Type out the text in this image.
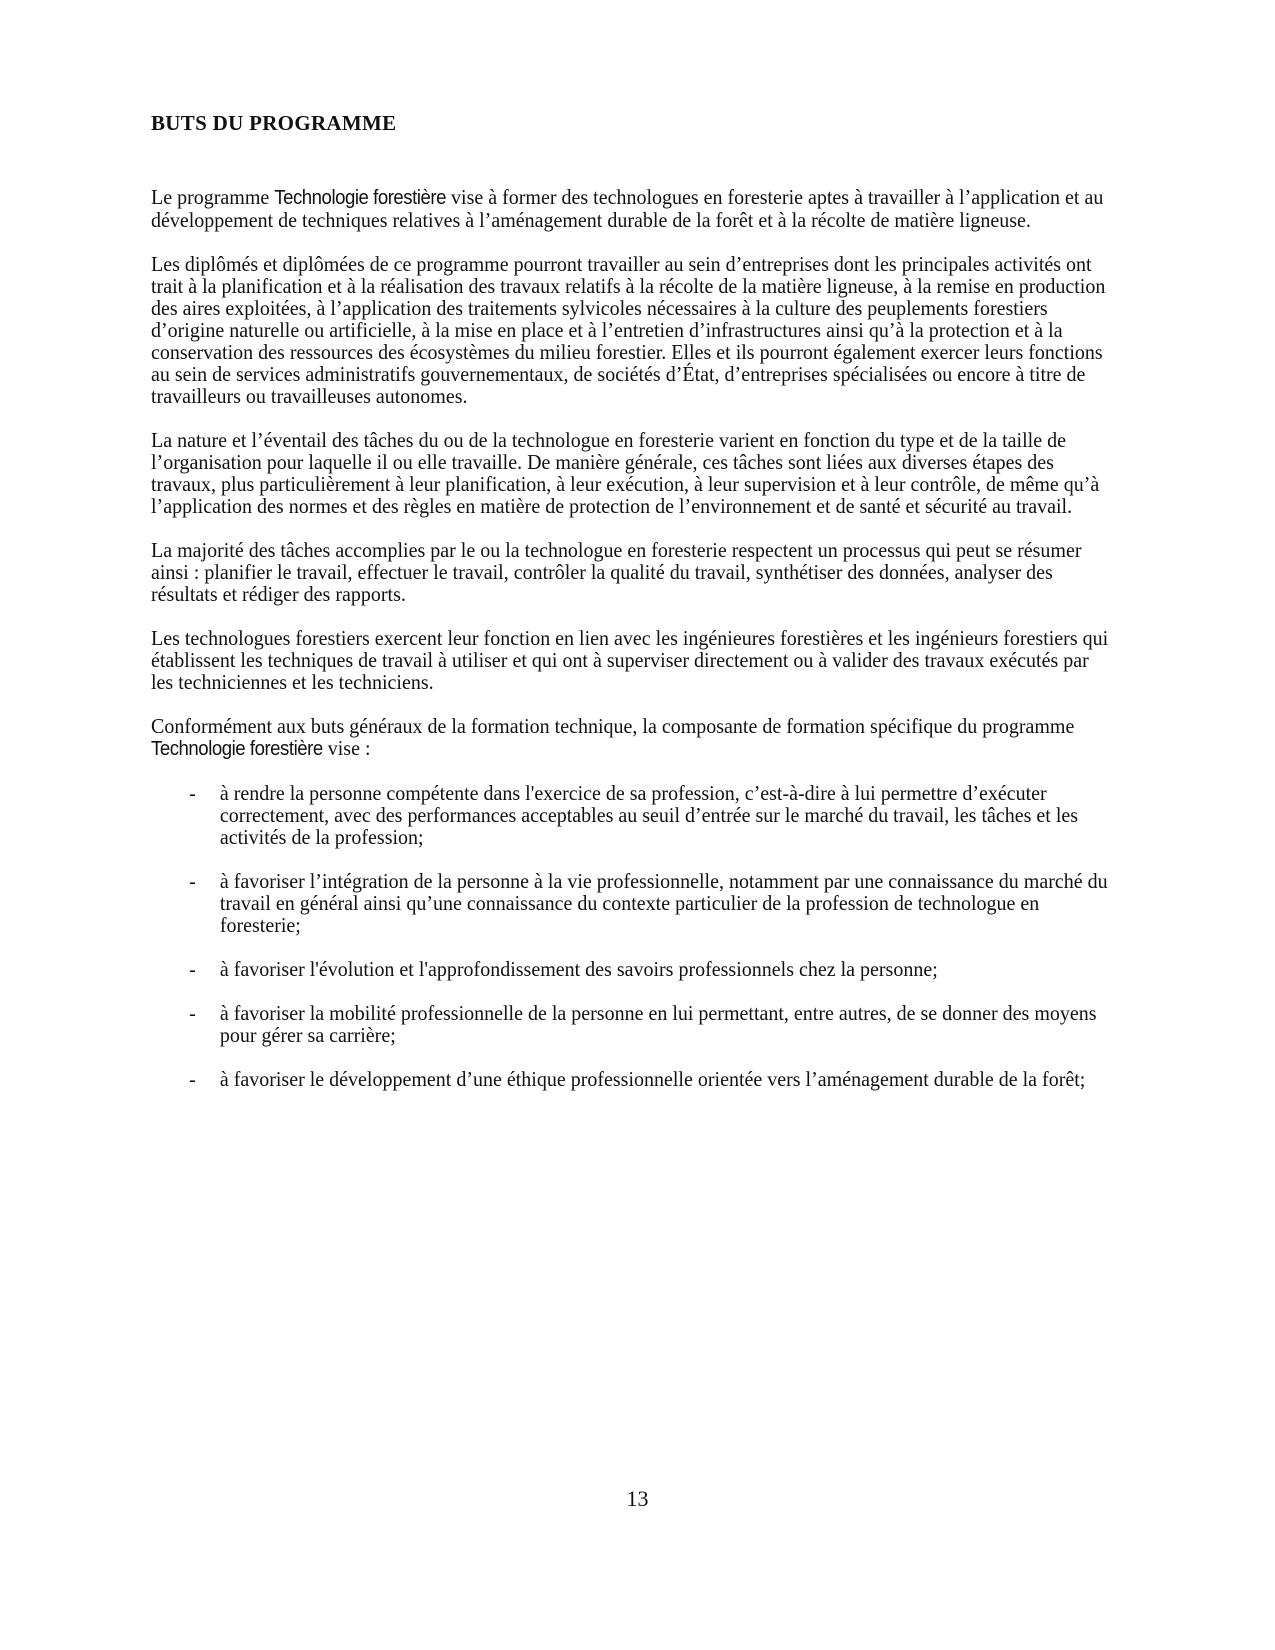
BUTS DU PROGRAMME

Le programme Technologie forestière vise à former des technologues en foresterie aptes à travailler à l’application et au développement de techniques relatives à l’aménagement durable de la forêt et à la récolte de matière ligneuse.

Les diplômés et diplômées de ce programme pourront travailler au sein d’entreprises dont les principales activités ont trait à la planification et à la réalisation des travaux relatifs à la récolte de la matière ligneuse, à la remise en production des aires exploitées, à l’application des traitements sylvicoles nécessaires à la culture des peuplements forestiers d’origine naturelle ou artificielle, à la mise en place et à l’entretien d’infrastructures ainsi qu’à la protection et à la conservation des ressources des écosystèmes du milieu forestier. Elles et ils pourront également exercer leurs fonctions au sein de services administratifs gouvernementaux, de sociétés d’État, d’entreprises spécialisées ou encore à titre de travailleurs ou travailleuses autonomes.

La nature et l’éventail des tâches du ou de la technologue en foresterie varient en fonction du type et de la taille de l’organisation pour laquelle il ou elle travaille. De manière générale, ces tâches sont liées aux diverses étapes des travaux, plus particulièrement à leur planification, à leur exécution, à leur supervision et à leur contrôle, de même qu’à l’application des normes et des règles en matière de protection de l’environnement et de santé et sécurité au travail.

La majorité des tâches accomplies par le ou la technologue en foresterie respectent un processus qui peut se résumer ainsi : planifier le travail, effectuer le travail, contrôler la qualité du travail, synthétiser des données, analyser des résultats et rédiger des rapports.

Les technologues forestiers exercent leur fonction en lien avec les ingénieures forestières et les ingénieurs forestiers qui établissent les techniques de travail à utiliser et qui ont à superviser directement ou à valider des travaux exécutés par les techniciennes et les techniciens.

Conformément aux buts généraux de la formation technique, la composante de formation spécifique du programme Technologie forestière vise :

- à rendre la personne compétente dans l'exercice de sa profession, c’est-à-dire à lui permettre d’exécuter correctement, avec des performances acceptables au seuil d’entrée sur le marché du travail, les tâches et les activités de la profession;
- à favoriser l’intégration de la personne à la vie professionnelle, notamment par une connaissance du marché du travail en général ainsi qu’une connaissance du contexte particulier de la profession de technologue en foresterie;
- à favoriser l'évolution et l'approfondissement des savoirs professionnels chez la personne;
- à favoriser la mobilité professionnelle de la personne en lui permettant, entre autres, de se donner des moyens pour gérer sa carrière;
- à favoriser le développement d’une éthique professionnelle orientée vers l’aménagement durable de la forêt;
13
